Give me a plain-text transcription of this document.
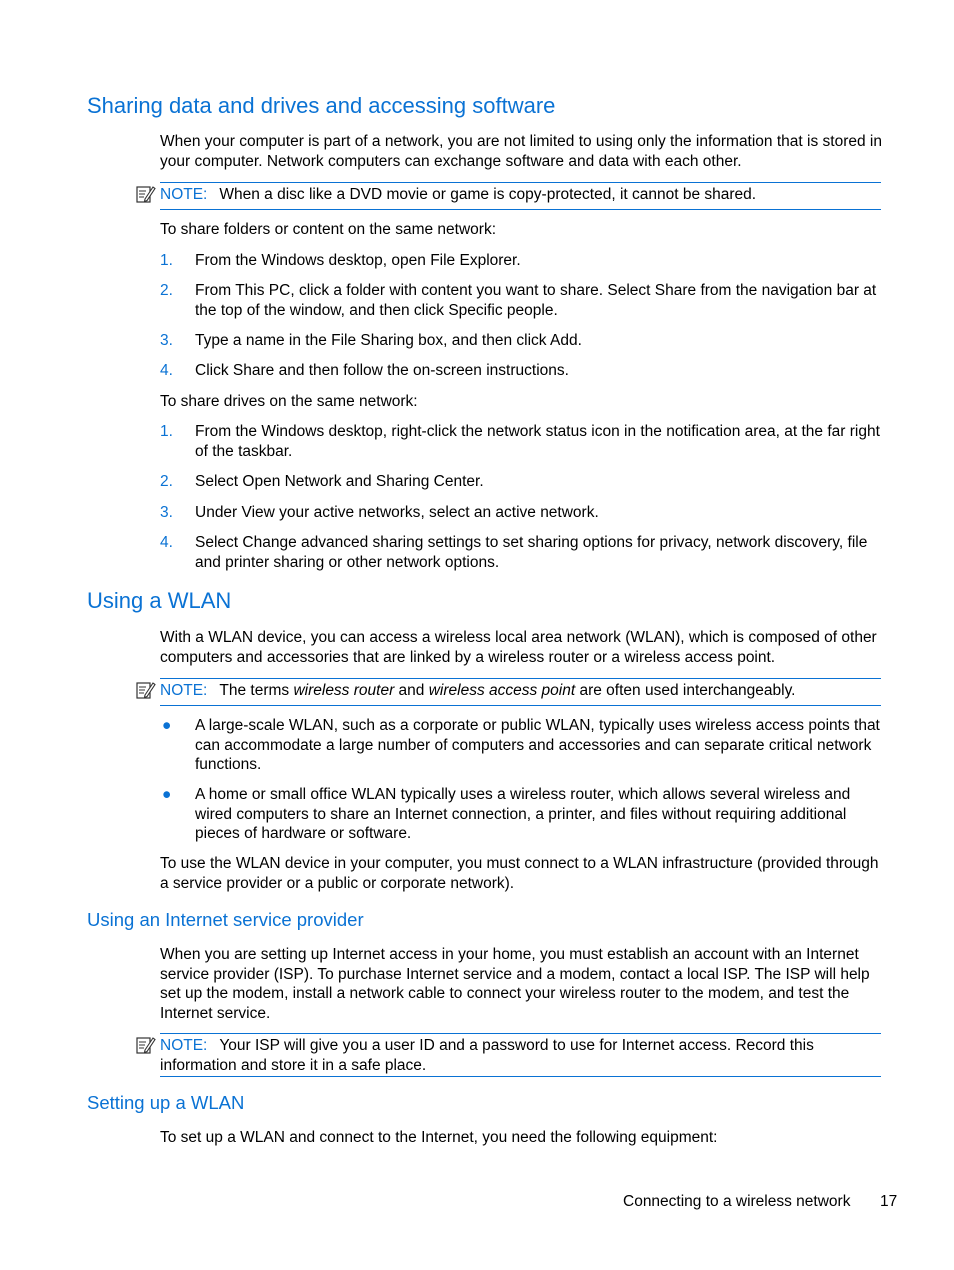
Sharing data and drives and accessing software

When your computer is part of a network, you are not limited to using only the information that is stored in your computer. Network computers can exchange software and data with each other.

NOTE: When a disc like a DVD movie or game is copy-protected, it cannot be shared.

To share folders or content on the same network:

1. From the Windows desktop, open File Explorer.

2. From This PC, click a folder with content you want to share. Select Share from the navigation bar at the top of the window, and then click Specific people.

3. Type a name in the File Sharing box, and then click Add.

4. Click Share and then follow the on-screen instructions.

To share drives on the same network:

1. From the Windows desktop, right-click the network status icon in the notification area, at the far right of the taskbar.

2. Select Open Network and Sharing Center.

3. Under View your active networks, select an active network.

4. Select Change advanced sharing settings to set sharing options for privacy, network discovery, file and printer sharing or other network options.

Using a WLAN

With a WLAN device, you can access a wireless local area network (WLAN), which is composed of other computers and accessories that are linked by a wireless router or a wireless access point.

NOTE: The terms wireless router and wireless access point are often used interchangeably.
● A large-scale WLAN, such as a corporate or public WLAN, typically uses wireless access points that can accommodate a large number of computers and accessories and can separate critical network functions.

● A home or small office WLAN typically uses a wireless router, which allows several wireless and wired computers to share an Internet connection, a printer, and files without requiring additional pieces of hardware or software.

To use the WLAN device in your computer, you must connect to a WLAN infrastructure (provided through a service provider or a public or corporate network).

Using an Internet service provider

When you are setting up Internet access in your home, you must establish an account with an Internet service provider (ISP). To purchase Internet service and a modem, contact a local ISP. The ISP will help set up the modem, install a network cable to connect your wireless router to the modem, and test the Internet service.

NOTE: Your ISP will give you a user ID and a password to use for Internet access. Record this information and store it in a safe place.
Setting up a WLAN

To set up a WLAN and connect to the Internet, you need the following equipment:

Connecting to a wireless network 17
